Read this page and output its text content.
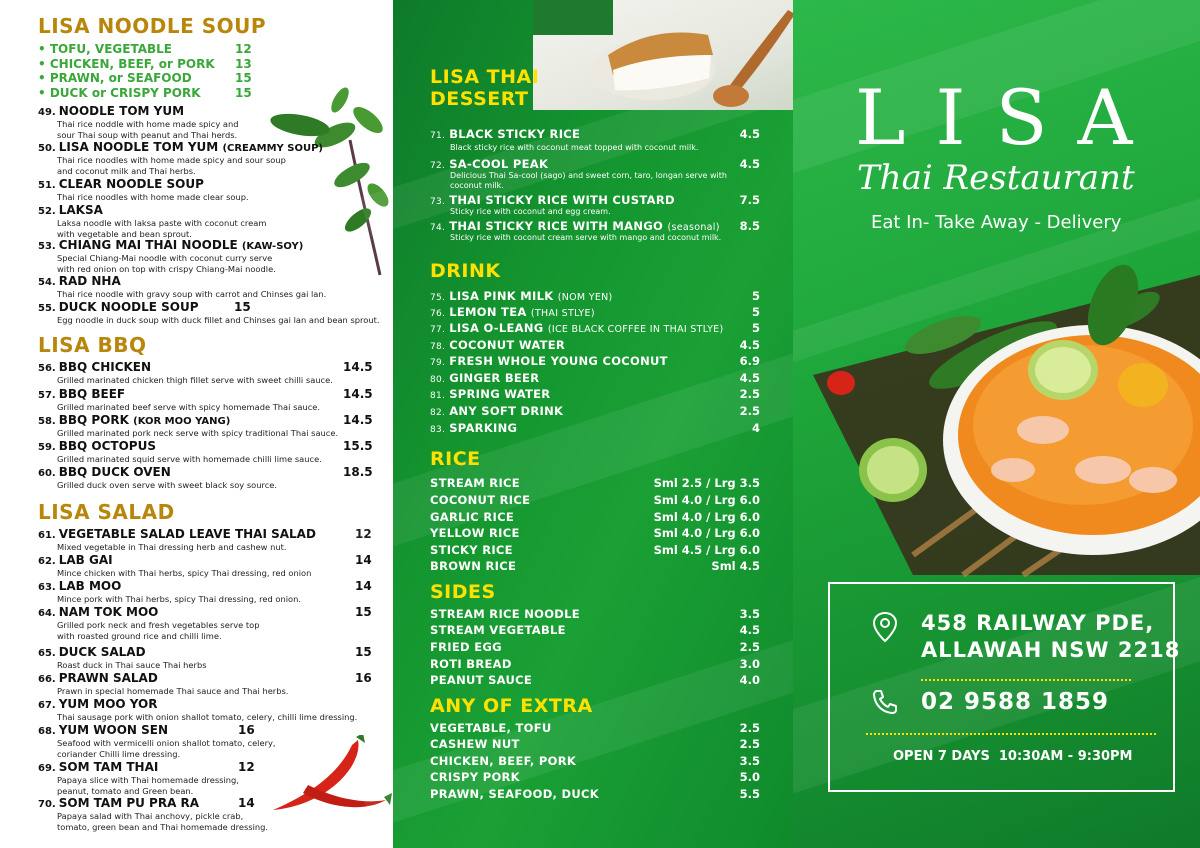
LISA NOODLE SOUP
• TOFU, VEGETABLE	12
• CHICKEN, BEEF, or PORK 13
• PRAWN, or SEAFOOD	15
• DUCK or CRISPY PORK	15
49. NOODLE TOM YUM
Thai rice noddle with home made spicy and sour Thai soup with peanut and Thai herds.
50. LISA NOODLE TOM YUM (CREAMMY SOUP)
Thai rice noodles with home made spicy and sour soup and coconut milk and Thai herbs.
51. CLEAR NOODLE SOUP
Thai rice noodles with home made clear soup.
52. LAKSA
Laksa noodle with laksa paste with coconut cream with vegetable and bean sprout.
53. CHIANG MAI THAI NOODLE (KAW-SOY)
Special Chiang-Mai noodle with coconut curry serve with red onion on top with crispy Chiang-Mai noodle.
54. RAD NHA
Thai rice noodle with gravy soup with carrot and Chinses gai lan.
55. DUCK NOODLE SOUP	15
Egg noodle in duck soup with duck fillet and Chinses gai lan and bean sprout.
LISA BBQ
56. BBQ CHICKEN	14.5
Grilled marinated chicken thigh fillet serve with sweet chilli sauce.
57. BBQ BEEF	14.5
Grilled marinated beef serve with spicy homemade Thai sauce.
58. BBQ PORK (KOR MOO YANG)	14.5
Grilled marinated pork neck serve with spicy traditional Thai sauce.
59. BBQ OCTOPUS	15.5
Grilled marinated squid serve with homemade chilli lime sauce.
60. BBQ DUCK OVEN	18.5
Grilled duck oven serve with sweet black soy source.
LISA SALAD
61. VEGETABLE SALAD LEAVE THAI SALAD	12
Mixed vegetable in Thai dressing herb and cashew nut.
62. LAB GAI	14
Mince chicken with Thai herbs, spicy Thai dressing, red onion
63. LAB MOO	14
Mince pork with Thai herbs, spicy Thai dressing, red onion.
64. NAM TOK MOO	15
Grilled pork neck and fresh vegetables serve top with roasted ground rice and chilli lime.
65. DUCK SALAD	15
Roast duck in Thai sauce Thai herbs
66. PRAWN SALAD	16
Prawn in special homemade Thai sauce and Thai herbs.
67. YUM MOO YOR
Thai sausage pork with onion shallot tomato, celery, chilli lime dressing.
68. YUM WOON SEN	16
Seafood with vermicelli onion shallot tomato, celery, coriander Chilli lime dressing.
69. SOM TAM THAI	12
Papaya slice with Thai homemade dressing, peanut, tomato and Green bean.
70. SOM TAM PU PRA RA	14
Papaya salad with Thai anchovy, pickle crab, tomato, green bean and Thai homemade dressing.
LISA THAI
DESSERT
71. BLACK STICKY RICE	4.5
Black sticky rice with coconut meat topped with coconut milk.
72. SA-COOL PEAK	4.5
Delicious Thai Sa-cool (sago) and sweet corn, taro, longan serve with coconut milk.
73. THAI STICKY RICE WITH CUSTARD	7.5
Sticky rice with coconut and egg cream.
74. THAI STICKY RICE WITH MANGO (seasonal)	8.5
Sticky rice with coconut cream serve with mango and coconut milk.
DRINK
75. LISA PINK MILK (NOM YEN)	5
76. LEMON TEA (THAI STLYE)	5
77. LISA O-LEANG (ICE BLACK COFFEE IN THAI STLYE)	5
78. COCONUT WATER	4.5
79. FRESH WHOLE YOUNG COCONUT	6.9
80. GINGER BEER	4.5
81. SPRING WATER	2.5
82. ANY SOFT DRINK	2.5
83. SPARKING	4
RICE
STREAM RICE	Sml 2.5 / Lrg 3.5
COCONUT RICE	Sml 4.0 / Lrg 6.0
GARLIC RICE	Sml 4.0 / Lrg 6.0
YELLOW RICE	Sml 4.0 / Lrg 6.0
STICKY RICE	Sml 4.5 / Lrg 6.0
BROWN RICE	Sml 4.5
SIDES
STREAM RICE NOODLE	3.5
STREAM VEGETABLE	4.5
FRIED EGG	2.5
ROTI BREAD	3.0
PEANUT SAUCE	4.0
ANY OF EXTRA
VEGETABLE, TOFU	2.5
CASHEW NUT	2.5
CHICKEN, BEEF, PORK	3.5
CRISPY PORK	5.0
PRAWN, SEAFOOD, DUCK	5.5
LISA
Thai Restaurant
Eat In- Take Away - Delivery
458 RAILWAY PDE,
ALLAWAH NSW 2218
02 9588 1859
OPEN 7 DAYS  10:30AM - 9:30PM
